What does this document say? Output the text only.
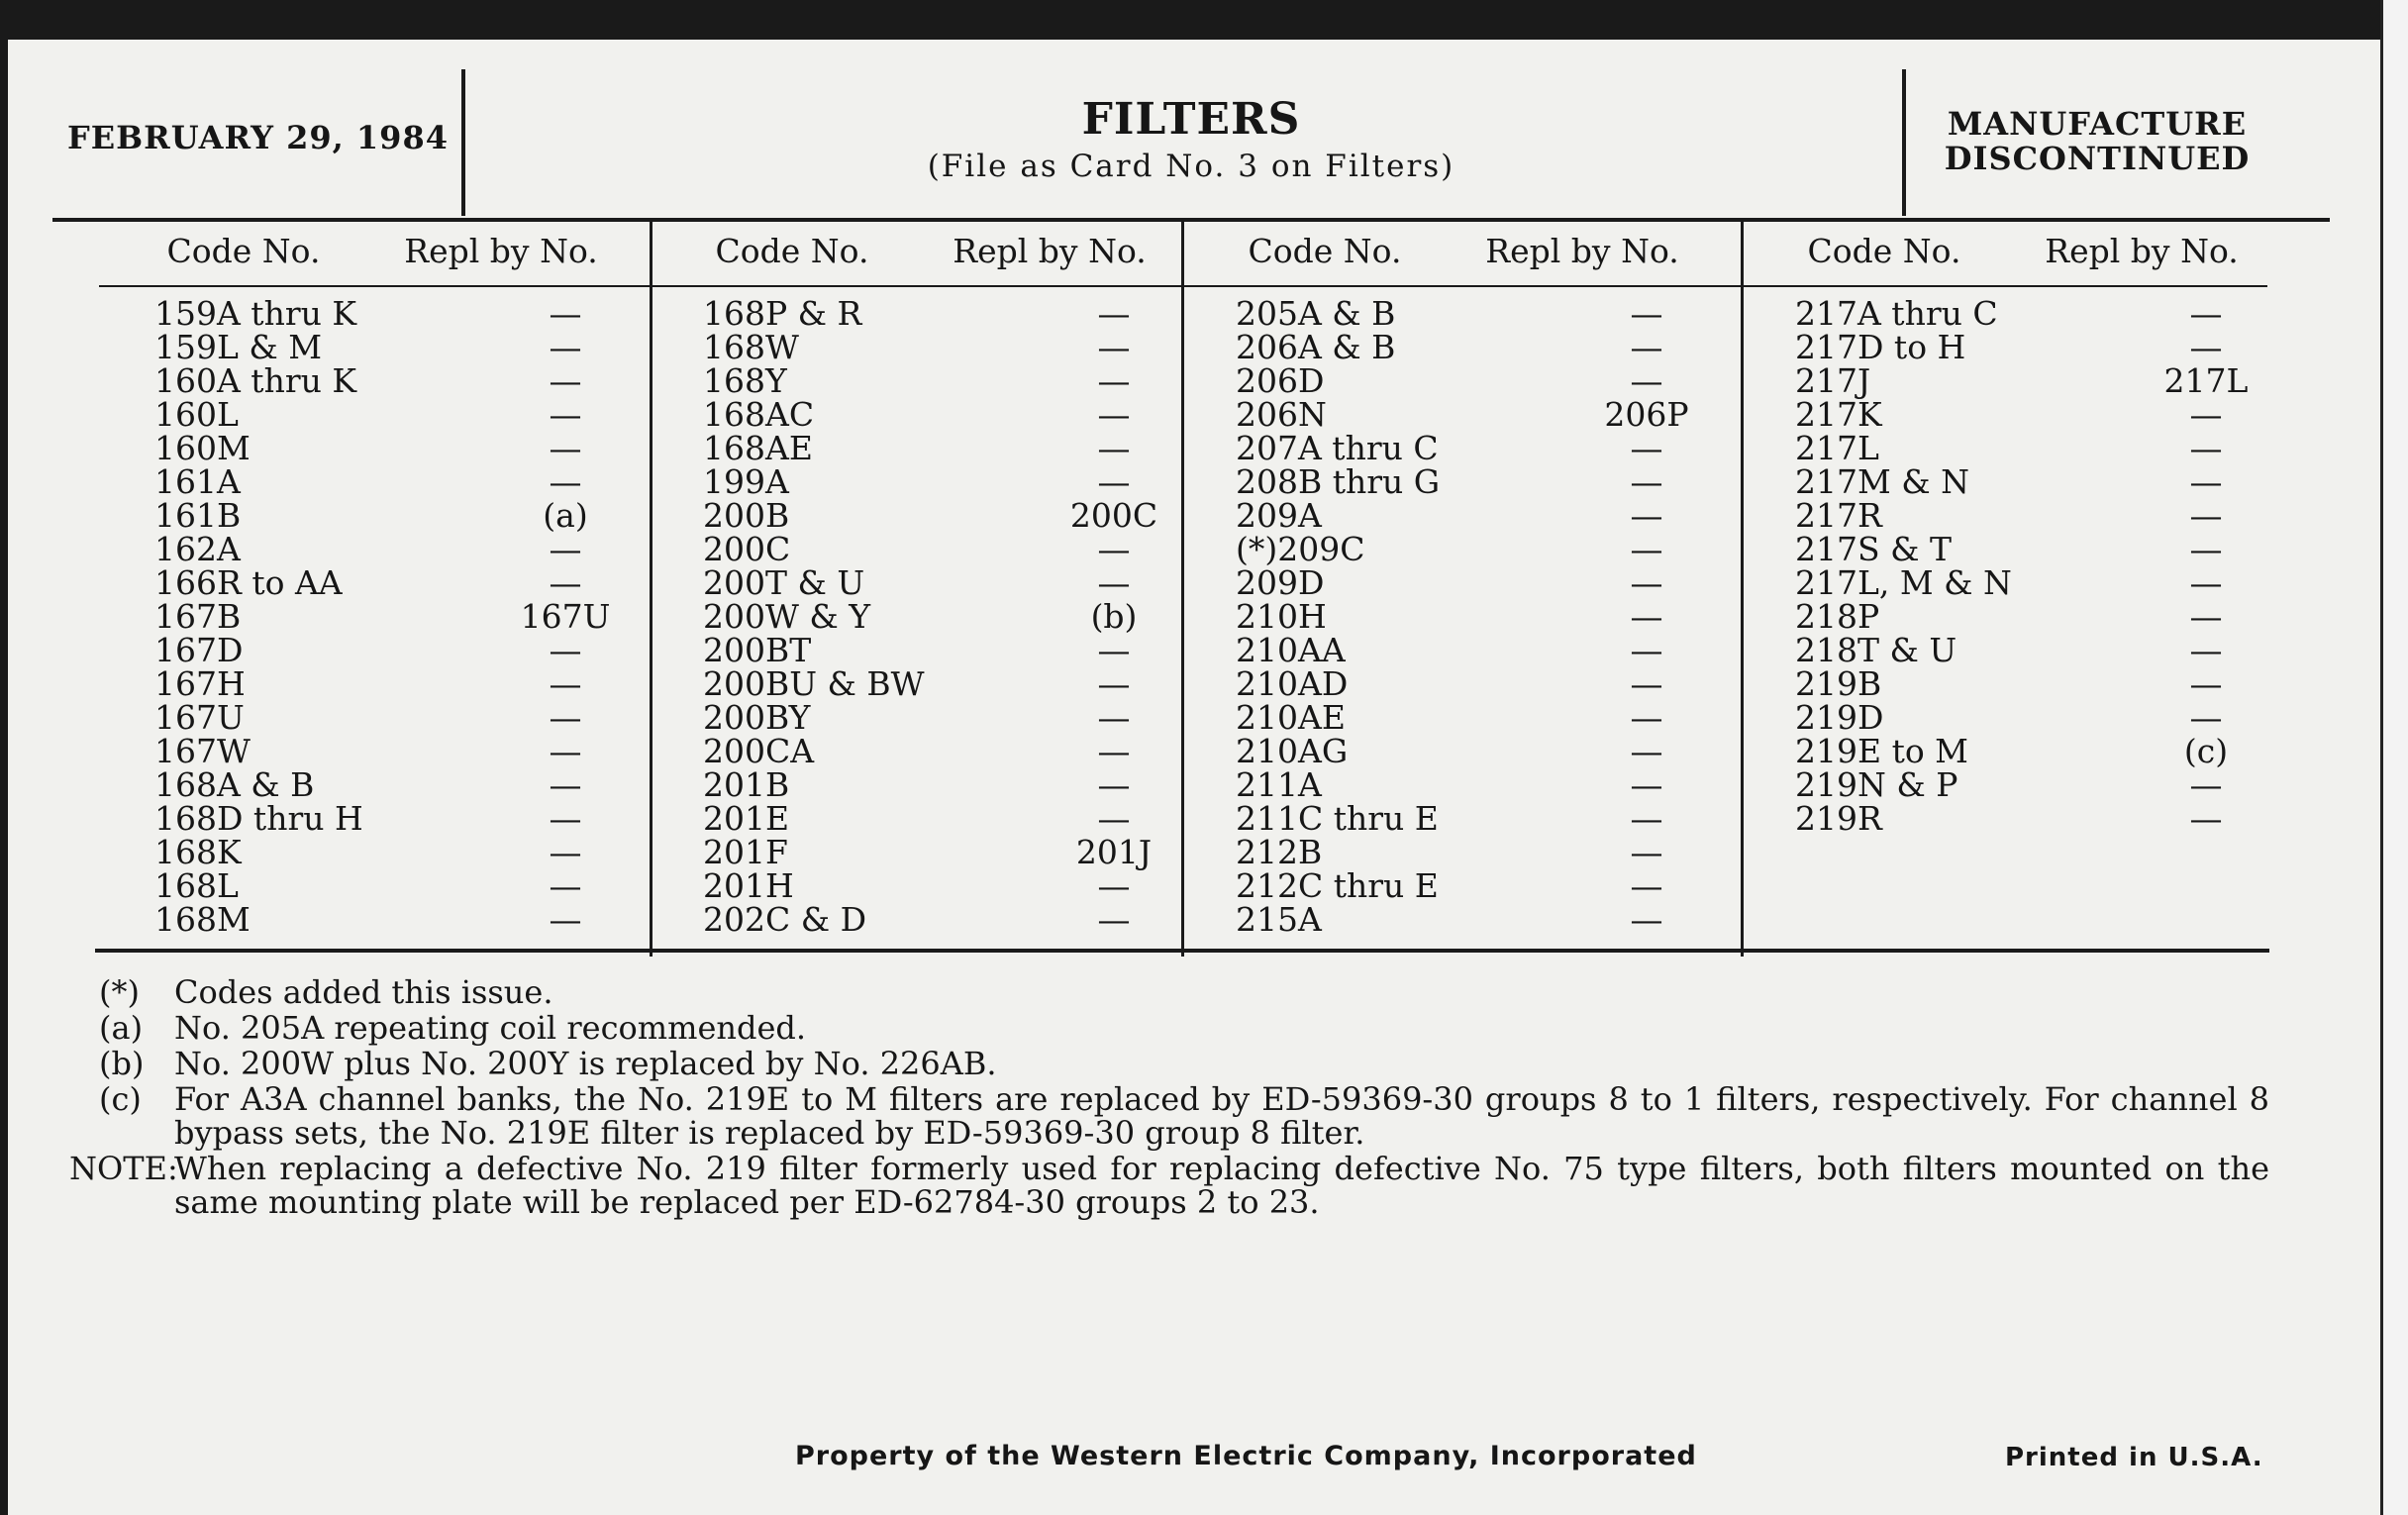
FEBRUARY 29, 1984	FILTERS
(File as Card No. 3 on Filters)
MANUFACTURE
DISCONTINUED
Code No.	Repl by No.
159A thru K	—
159L & M	—
160A thru K	—
160L	—
160M	—
161A	—
161B	(a)
162A	—
166R to AA	—
167B	167U
167D	—
167H	—
167U	—
167W	—
168A & B	—
168D thru H	—
168K	—
168L	—
168M	—
Code No.	Repl by No.
168P & R	—
168W	—
168Y	—
168AC	—
168AE	—
199A	—
200B	200C
200C	—
200T & U	—
200W & Y	(b)
200BT	—
200BU & BW	—
200BY	—
200CA	—
201B	—
201E	—
201F	201J
201H	—
202C & D	—
Code No.	Repl by No.
205A & B	—
206A & B	—
206D	—
206N	206P
207A thru C	—
208B thru G	—
209A	—
(*)209C	—
209D	—
210H	—
210AA	—
210AD	—
210AE	—
210AG	—
211A	—
211C thru E	—
212B	—
212C thru E	—
215A	—
Code No.	Repl by No.
217A thru C	—
217D to H	—
217J	217L
217K	—
217L	—
217M & N	—
217R	—
217S & T	—
217L, M & N	—
218P	—
218T & U	—
219B	—
219D	—
219E to M	(c)
219N & P	—
219R	—
(*)	Codes added this issue.
(a) No. 205A repeating coil recommended.
(b) No. 200W plus No. 200Y is replaced by No. 226AB.
(c)	For A3A channel banks, the No. 219E to M filters are replaced by ED-59369-30 groups 8 to 1 filters, respectively. For channel 8 bypass sets, the No. 219E filter is replaced by ED-59369-30 group 8 filter.
NOTE:
When replacing a defective No. 219 filter formerly used for replacing defective No. 75 type filters, both filters mounted on the same mounting plate will be replaced per ED-62784-30 groups 2 to 23.
Property of the Western Electric Company, Incorporated	Printed in U.S.A.
